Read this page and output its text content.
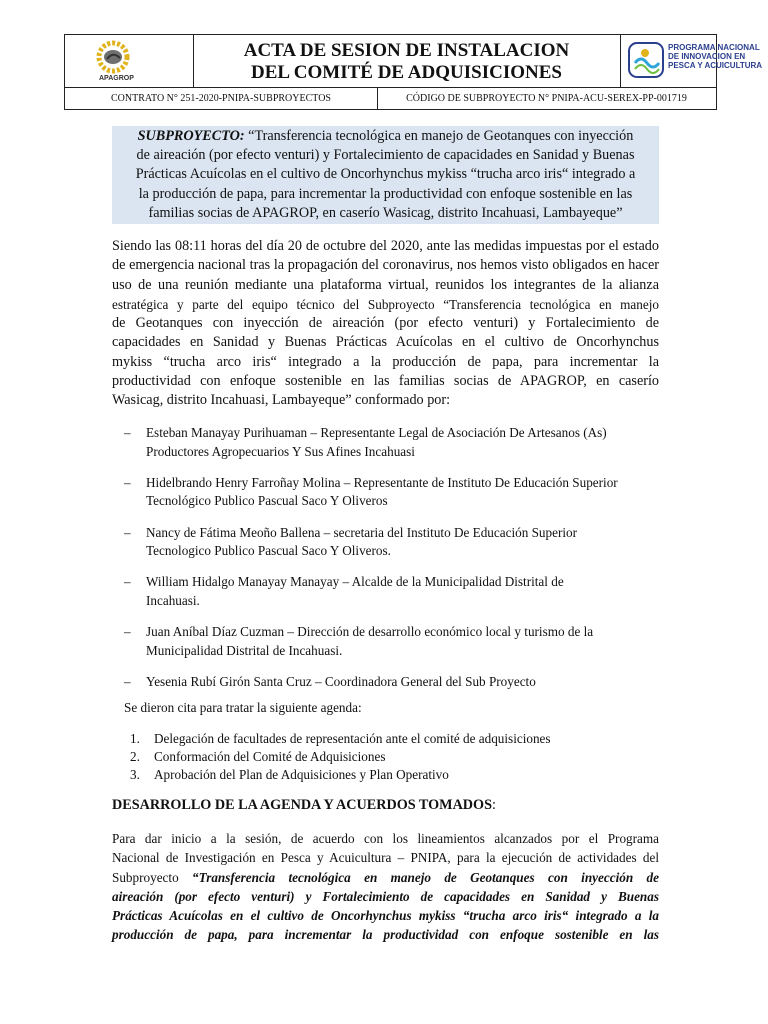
APAGROP
ACTA DE SESION DE INSTALACION
DEL COMITÉ DE ADQUISICIONES
PROGRAMA NACIONAL
DE INNOVACION EN
PESCA Y ACUICULTURA
CONTRATO N° 251-2020-PNIPA-SUBPROYECTOS	CÓDIGO DE SUBPROYECTO N° PNIPA-ACU-SEREX-PP-001719
SUBPROYECTO: “Transferencia tecnológica en manejo de Geotanques con inyección
de aireación (por efecto venturi) y Fortalecimiento de capacidades en Sanidad y Buenas
Prácticas Acuícolas en el cultivo de Oncorhynchus mykiss “trucha arco iris“ integrado a
la producción de papa, para incrementar la productividad con enfoque sostenible en las
familias socias de APAGROP, en caserío Wasicag, distrito Incahuasi, Lambayeque”
Siendo las 08:11 horas del día 20 de octubre del 2020, ante las medidas impuestas por el estado
de emergencia nacional tras la propagación del coronavirus, nos hemos visto obligados en hacer
uso de una reunión mediante una plataforma virtual, reunidos los integrantes de la alianza
estratégica y parte del equipo técnico del Subproyecto “Transferencia tecnológica en manejo
de Geotanques con inyección de aireación (por efecto venturi) y Fortalecimiento de
capacidades en Sanidad y Buenas Prácticas Acuícolas en el cultivo de Oncorhynchus
mykiss “trucha arco iris“ integrado a la producción de papa, para incrementar la
productividad con enfoque sostenible en las familias socias de APAGROP, en caserío
Wasicag, distrito Incahuasi, Lambayeque” conformado por:
– Esteban Manayay Purihuaman – Representante Legal de Asociación De Artesanos (As)
Productores Agropecuarios Y Sus Afines Incahuasi
– Hidelbrando Henry Farroñay Molina – Representante de Instituto De Educación Superior
Tecnológico Publico Pascual Saco Y Oliveros
– Nancy de Fátima Meoño Ballena – secretaria del Instituto De Educación Superior
Tecnologico Publico Pascual Saco Y Oliveros.
– William Hidalgo Manayay Manayay – Alcalde de la Municipalidad Distrital de
Incahuasi.
– Juan Aníbal Díaz Cuzman – Dirección de desarrollo económico local y turismo de la
Municipalidad Distrital de Incahuasi.
– Yesenia Rubí Girón Santa Cruz – Coordinadora General del Sub Proyecto
Se dieron cita para tratar la siguiente agenda:
1. Delegación de facultades de representación ante el comité de adquisiciones
2. Conformación del Comité de Adquisiciones
3. Aprobación del Plan de Adquisiciones y Plan Operativo
DESARROLLO DE LA AGENDA Y ACUERDOS TOMADOS:
Para dar inicio a la sesión, de acuerdo con los lineamientos alcanzados por el Programa
Nacional de Investigación en Pesca y Acuicultura – PNIPA, para la ejecución de actividades del
Subproyecto “Transferencia tecnológica en manejo de Geotanques con inyección de
aireación (por efecto venturi) y Fortalecimiento de capacidades en Sanidad y Buenas
Prácticas Acuícolas en el cultivo de Oncorhynchus mykiss “trucha arco iris“ integrado a la
producción de papa, para incrementar la productividad con enfoque sostenible en las
